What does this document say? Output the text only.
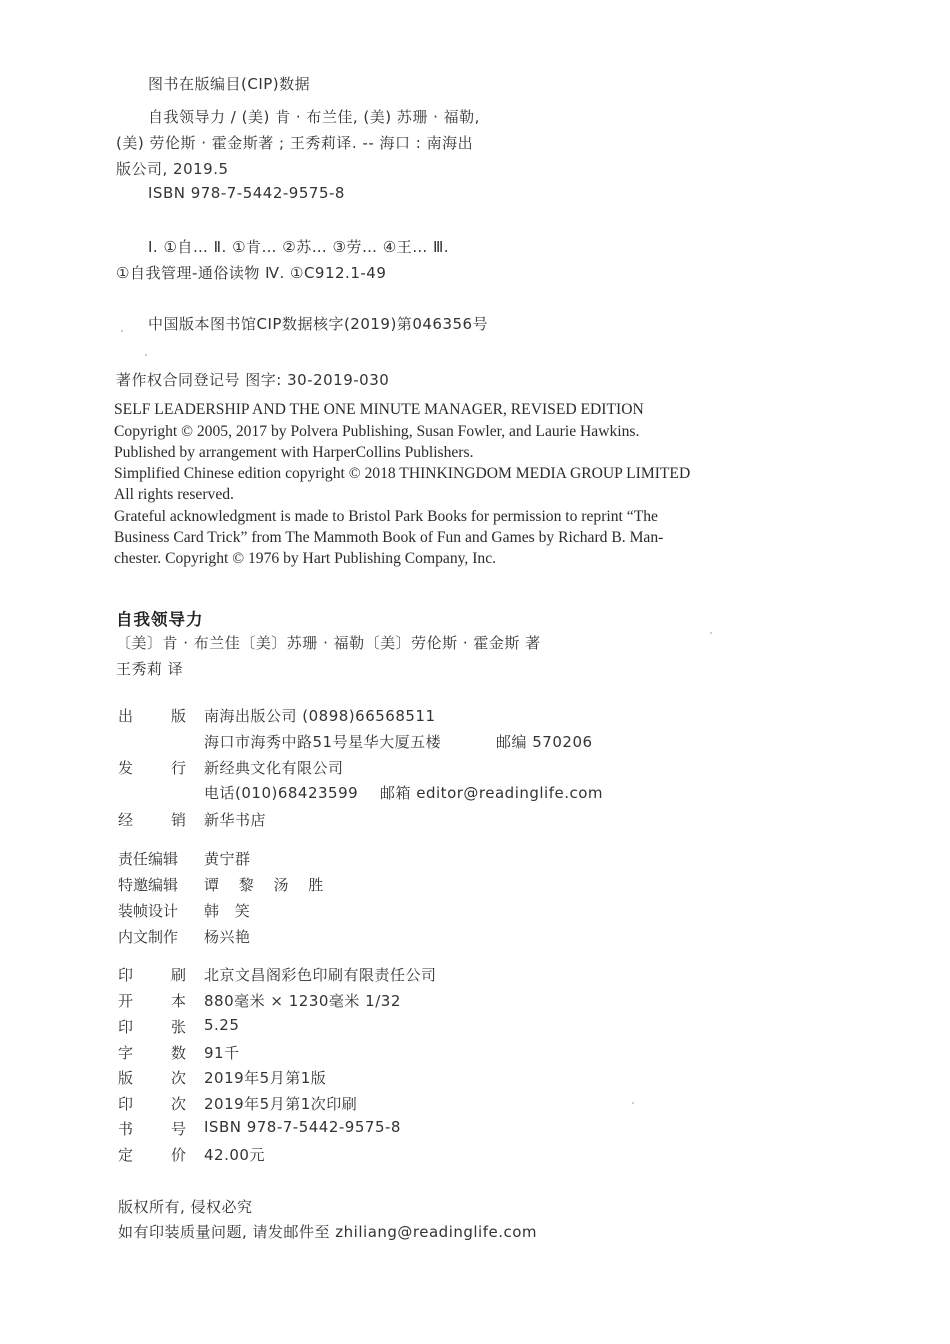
图书在版编目(CIP)数据
自我领导力 / (美) 肯 · 布兰佳, (美) 苏珊 · 福勒,
(美) 劳伦斯 · 霍金斯著 ; 王秀莉译. -- 海口 : 南海出
版公司, 2019.5
ISBN 978-7-5442-9575-8
Ⅰ. ①自… Ⅱ. ①肯… ②苏… ③劳… ④王… Ⅲ.
①自我管理-通俗读物 Ⅳ. ①C912.1-49
中国版本图书馆CIP数据核字(2019)第046356号
著作权合同登记号 图字: 30-2019-030
SELF LEADERSHIP AND THE ONE MINUTE MANAGER, REVISED EDITION
Copyright © 2005, 2017 by Polvera Publishing, Susan Fowler, and Laurie Hawkins.
Published by arrangement with HarperCollins Publishers.
Simplified Chinese edition copyright © 2018 THINKINGDOM MEDIA GROUP LIMITED
All rights reserved.
Grateful acknowledgment is made to Bristol Park Books for permission to reprint “The
Business Card Trick” from The Mammoth Book of Fun and Games by Richard B. Man-
chester. Copyright © 1976 by Hart Publishing Company, Inc.
自我领导力
〔美〕肯 · 布兰佳〔美〕苏珊 · 福勒〔美〕劳伦斯 · 霍金斯 著
王秀莉 译
出	版 南海出版公司 (0898)66568511
海口市海秀中路51号星华大厦五楼	邮编 570206
发	行 新经典文化有限公司
电话(010)68423599 邮箱 editor@readinglife.com
经	销 新华书店
责任编辑 黄宁群
特邀编辑 谭 黎 汤 胜
装帧设计 韩 笑
内文制作 杨兴艳
印	刷 北京文昌阁彩色印刷有限责任公司
开	本 880毫米 × 1230毫米 1/32
印	张 5.25
字	数 91千
版	次 2019年5月第1版
印	次 2019年5月第1次印刷
书	号 ISBN 978-7-5442-9575-8
定	价 42.00元
版权所有, 侵权必究
如有印装质量问题, 请发邮件至 zhiliang@readinglife.com
